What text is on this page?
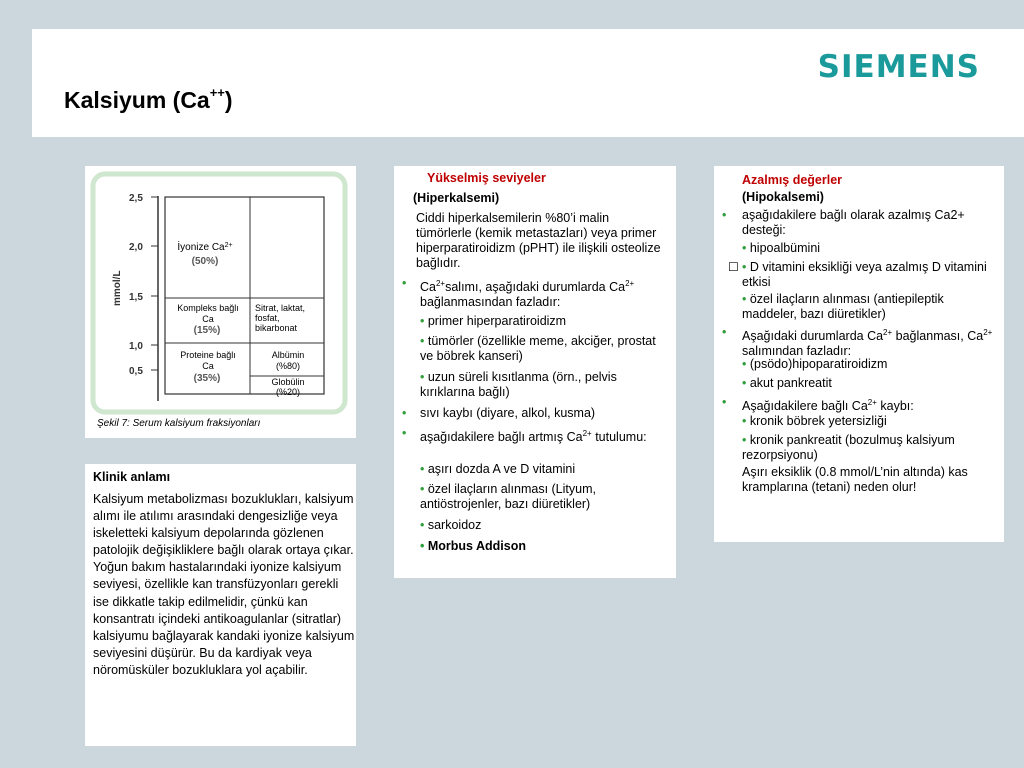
Kalsiyum (Ca++)
SIEMENS
2,5
2,0
1,5
1,0
0,5
mmol/L
İyonize $Ca^{2+}$
(50%)
Kompleks bağlı
Ca
(15%)
Sitrat, laktat,
fosfat,
bikarbonat
Proteine bağlı
Ca
(35%)
Albümin
(%80)
Globülin
(%20)
Şekil 7: Serum kalsiyum fraksiyonları
Klinik anlamı
Kalsiyum metabolizması bozuklukları, kalsiyum alımı ile atılımı arasındaki dengesizliğe veya iskeletteki kalsiyum depolarında gözlenen patolojik değişikliklere bağlı olarak ortaya çıkar. Yoğun bakım hastalarındaki iyonize kalsiyum seviyesi, özellikle kan transfüzyonları gerekli ise dikkatle takip edilmelidir, çünkü kan konsantratı içindeki antikoagulanlar (sitratlar) kalsiyumu bağlayarak kandaki iyonize kalsiyum seviyesini düşürür. Bu da kardiyak veya nöromüsküler bozukluklara yol açabilir.
Yükselmiş seviyeler
(Hiperkalsemi)
Ciddi hiperkalsemilerin %80’i malin tümörlerle (kemik metastazları) veya primer hiperparatiroidizm (pPHT) ile ilişkili osteolize bağlıdır.
• $Ca^{2+}salımı$, aşağıdaki durumlarda $Ca^{2+}$ bağlanmasından fazladır:
• primer hiperparatiroidizm
• tümörler (özellikle meme, akciğer, prostat ve böbrek kanseri)
• uzun süreli kısıtlanma (örn., pelvis kırıklarına bağlı)
• sıvı kaybı (diyare, alkol, kusma)
• aşağıdakilere bağlı artmış $Ca^{2+}$ tutulumu:
• aşırı dozda A ve D vitamini
• özel ilaçların alınması (Lityum, antiöstrojenler, bazı diüretikler)
• sarkoidoz
• Morbus Addison
Azalmış değerler
(Hipokalsemi)
• aşağıdakilere bağlı olarak azalmış Ca2+ desteği:
• hipoalbümini
☐ • D vitamini eksikliği veya azalmış D vitamini etkisi
• özel ilaçların alınması (antiepileptik maddeler, bazı diüretikler)
• Aşağıdaki durumlarda $Ca^{2+}$ bağlanması, $Ca^{2+}$ salımından fazladır:
• (psödo)hipoparatiroidizm
• akut pankreatit
• Aşağıdakilere bağlı $Ca^{2+}$ kaybı:
• kronik böbrek yetersizliği
• kronik pankreatit (bozulmuş kalsiyum rezorpsiyonu)
Aşırı eksiklik (0.8 mmol/L’nin altında) kas kramplarına (tetani) neden olur!
